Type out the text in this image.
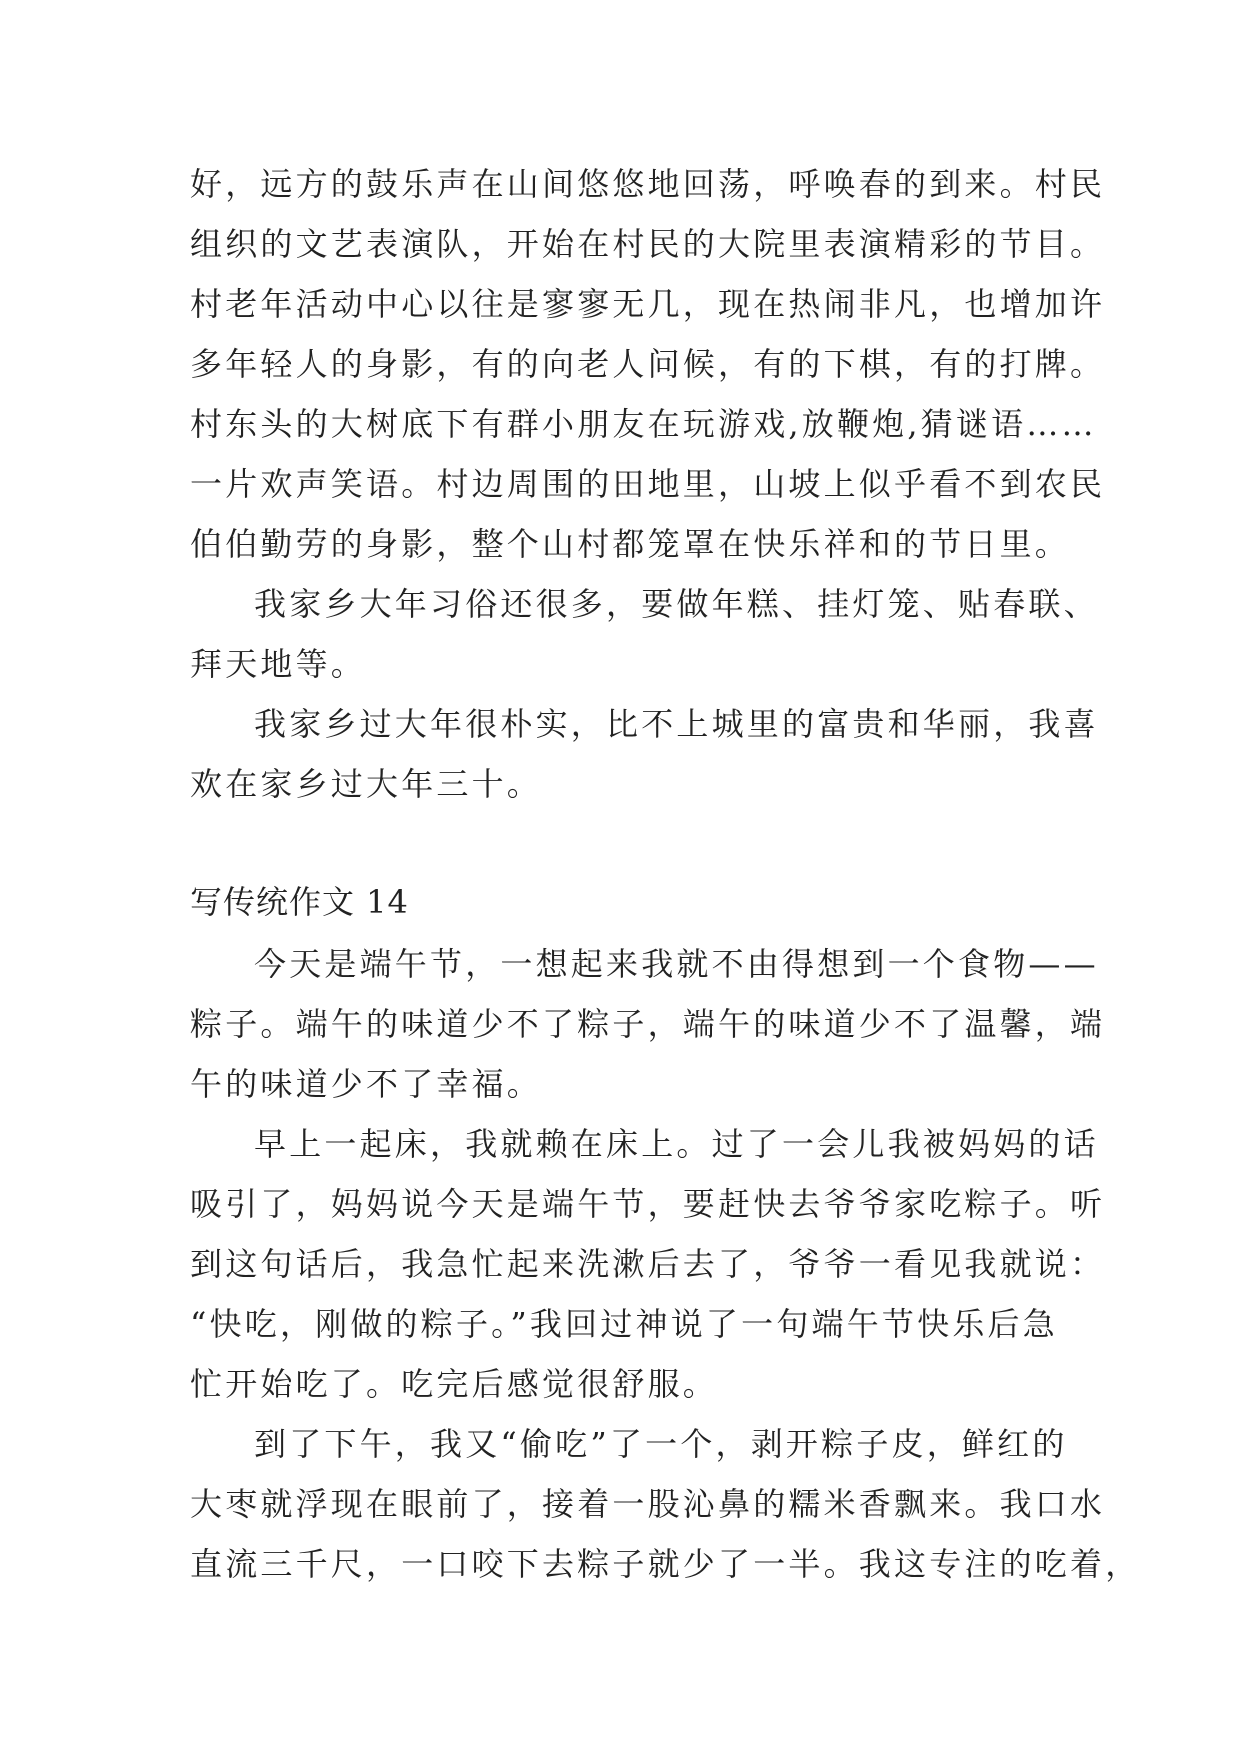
好，远方的鼓乐声在山间悠悠地回荡，呼唤春的到来。村民
组织的文艺表演队，开始在村民的大院里表演精彩的节目。
村老年活动中心以往是寥寥无几，现在热闹非凡，也增加许
多年轻人的身影，有的向老人问候，有的下棋，有的打牌。
村东头的大树底下有群小朋友在玩游戏,放鞭炮,猜谜语……
一片欢声笑语。村边周围的田地里，山坡上似乎看不到农民
伯伯勤劳的身影，整个山村都笼罩在快乐祥和的节日里。
我家乡大年习俗还很多，要做年糕、挂灯笼、贴春联、
拜天地等。
我家乡过大年很朴实，比不上城里的富贵和华丽，我喜
欢在家乡过大年三十。
写传统作文 14
今天是端午节，一想起来我就不由得想到一个食物——
粽子。端午的味道少不了粽子，端午的味道少不了温馨，端
午的味道少不了幸福。
早上一起床，我就赖在床上。过了一会儿我被妈妈的话
吸引了，妈妈说今天是端午节，要赶快去爷爷家吃粽子。听
到这句话后，我急忙起来洗漱后去了，爷爷一看见我就说：
“快吃，刚做的粽子。”我回过神说了一句端午节快乐后急
忙开始吃了。吃完后感觉很舒服。
到了下午，我又“偷吃”了一个，剥开粽子皮，鲜红的
大枣就浮现在眼前了，接着一股沁鼻的糯米香飘来。我口水
直流三千尺，一口咬下去粽子就少了一半。我这专注的吃着，
